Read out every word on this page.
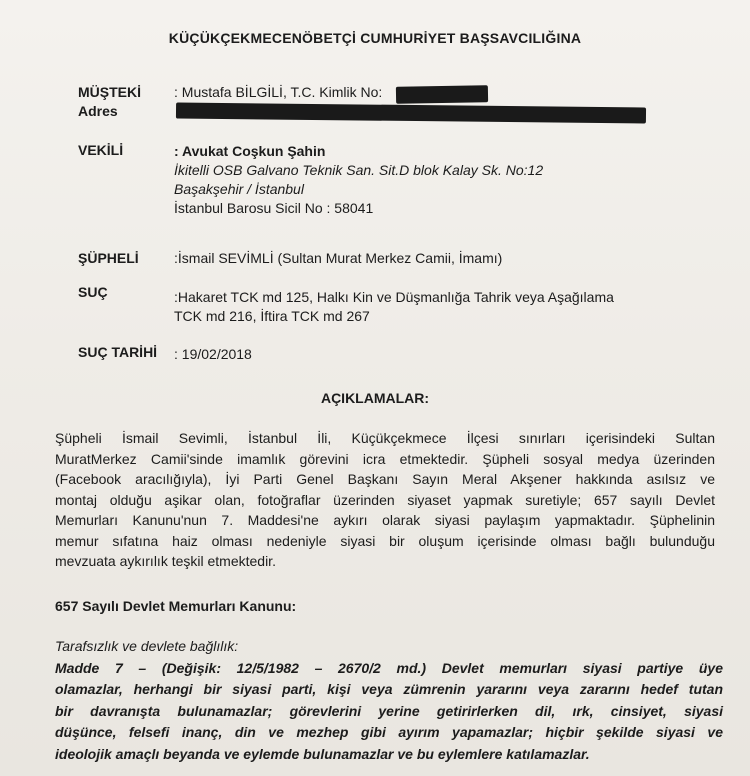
KÜÇÜKÇEKMECENÖBETÇİ CUMHURİYET BAŞSAVCILIĞINA
MÜŞTEKİ : Mustafa BİLGİLİ, T.C. Kimlik No:
Adres
VEKİLİ	: Avukat Coşkun Şahin
İkitelli OSB Galvano Teknik San. Sit.D blok Kalay Sk. No:12
Başakşehir / İstanbul
İstanbul Barosu Sicil No : 58041
ŞÜPHELİ	:İsmail SEVİMLİ (Sultan Murat Merkez Camii, İmamı)
SUÇ	:Hakaret TCK md 125, Halkı Kin ve Düşmanlığa Tahrik veya Aşağılama
TCK md 216, İftira TCK md 267
SUÇ TARİHİ : 19/02/2018
AÇIKLAMALAR:
Şüpheli İsmail Sevimli, İstanbul İli, Küçükçekmece İlçesi sınırları içerisindeki Sultan
MuratMerkez Camii'sinde imamlık görevini icra etmektedir. Şüpheli sosyal medya üzerinden
(Facebook aracılığıyla), İyi Parti Genel Başkanı Sayın Meral Akşener hakkında asılsız ve
montaj olduğu aşikar olan, fotoğraflar üzerinden siyaset yapmak suretiyle; 657 sayılı Devlet
Memurları Kanunu'nun 7. Maddesi'ne aykırı olarak siyasi paylaşım yapmaktadır. Şüphelinin
memur sıfatına haiz olması nedeniyle siyasi bir oluşum içerisinde olması bağlı bulunduğu
mevzuata aykırılık teşkil etmektedir.
657 Sayılı Devlet Memurları Kanunu:
Tarafsızlık ve devlete bağlılık:
Madde 7 – (Değişik: 12/5/1982 – 2670/2 md.) Devlet memurları siyasi partiye üye
olamazlar, herhangi bir siyasi parti, kişi veya zümrenin yararını veya zararını hedef tutan
bir davranışta bulunamazlar; görevlerini yerine getirirlerken dil, ırk, cinsiyet, siyasi
düşünce, felsefi inanç, din ve mezhep gibi ayırım yapamazlar; hiçbir şekilde siyasi ve
ideolojik amaçlı beyanda ve eylemde bulunamazlar ve bu eylemlere katılamazlar.
